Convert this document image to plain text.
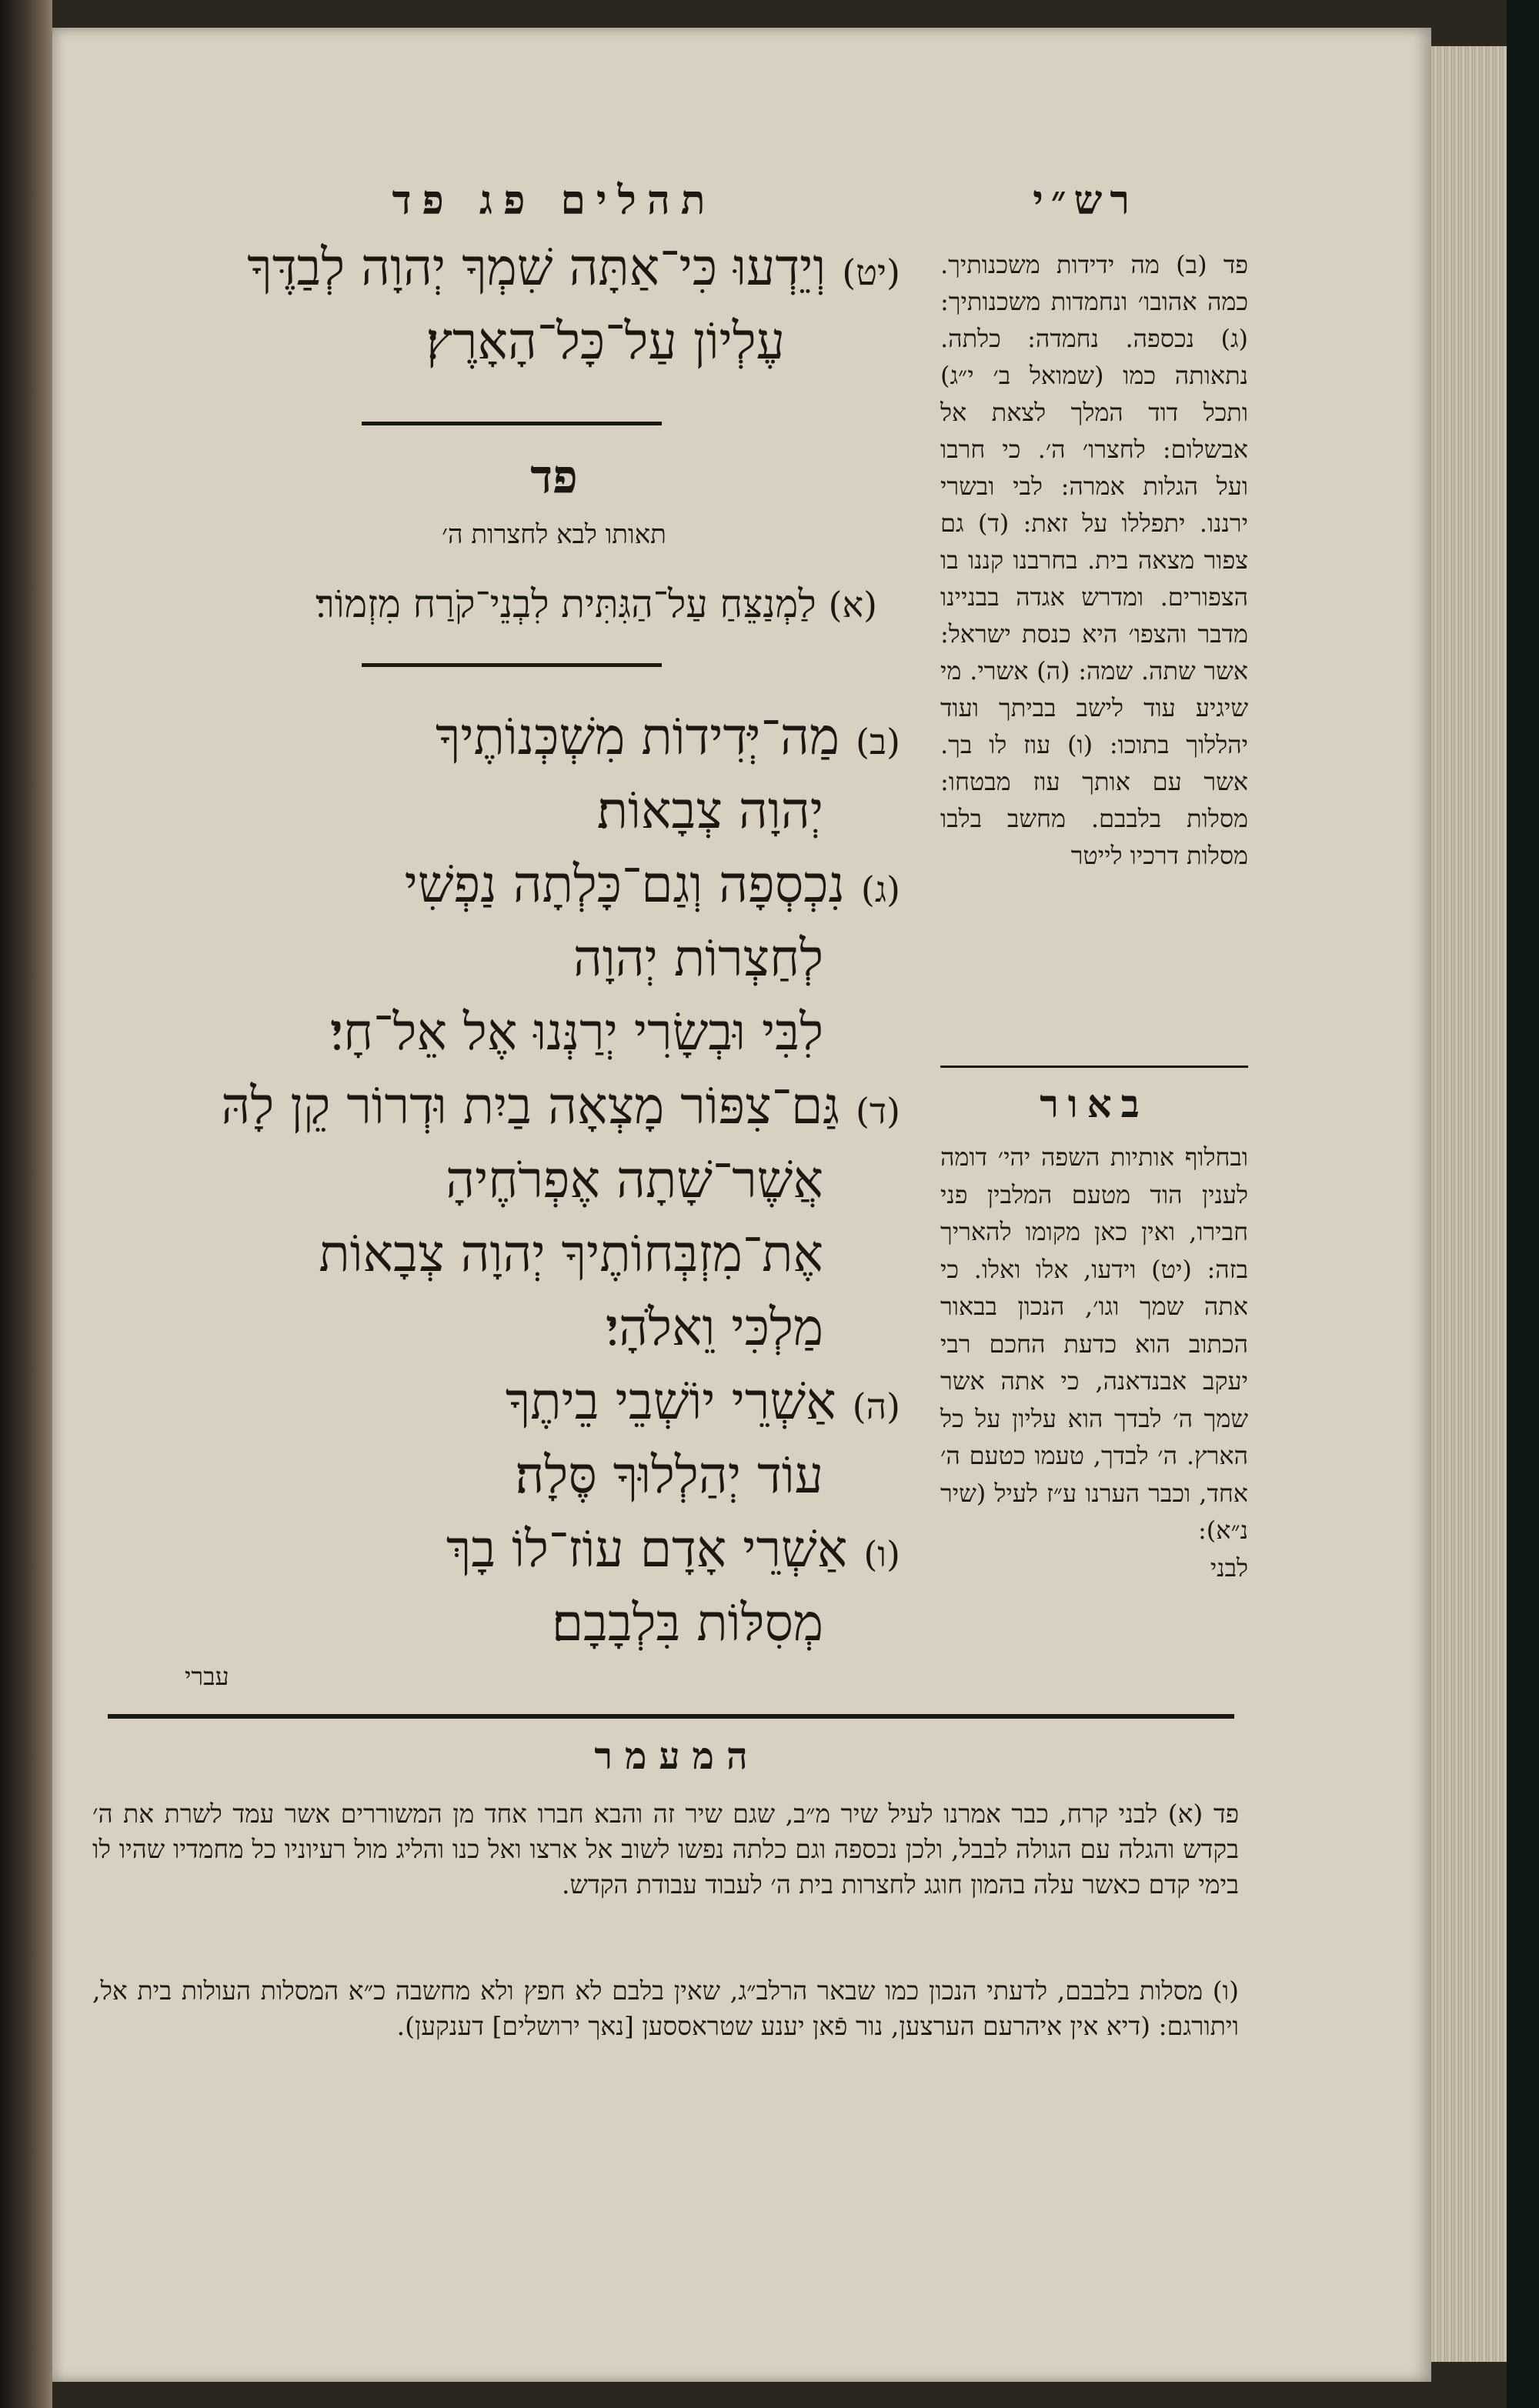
תהלים פג פד	רש״י
(יט) וְיֵדְעוּ כִּי־אַתָּה שִׁמְךָ יְהוָה לְבַדֶּךָ
עֶלְיוֹן עַל־כָּל־הָאָרֶץ׃
פד
תאותו לבא לחצרות ה׳
(א) לַמְנַצֵּחַ עַל־הַגִּתִּית לִבְנֵי־קֹרַח מִזְמוֹר׃
(ב) מַה־יְּדִידוֹת מִשְׁכְּנוֹתֶיךָ
יְהוָה צְבָאוֹת׃
(ג) נִכְסְפָה וְגַם־כָּלְתָה נַפְשִׁי
לְחַצְרוֹת יְהוָה
לִבִּי וּבְשָׂרִי יְרַנְּנוּ אֶל אֵל־חָי׃
(ד) גַּם־צִפּוֹר מָצְאָה בַיִת וּדְרוֹר קֵן לָהּ
אֲשֶׁר־שָׁתָה אֶפְרֹחֶיהָ
אֶת־מִזְבְּחוֹתֶיךָ יְהוָה צְבָאוֹת
מַלְכִּי וֵאלֹהָי׃
(ה) אַשְׁרֵי יוֹשְׁבֵי בֵיתֶךָ
עוֹד יְהַלְלוּךָ סֶּלָה׃
(ו) אַשְׁרֵי אָדָם עוֹז־לוֹ בָךְ
מְסִלּוֹת בִּלְבָבָם׃
עברי
פד (ב) מה ידידות משכנותיך. כמה אהובו׳ ונחמדות משכנותיך: (ג) נכספה. נחמדה: כלתה. נתאותה כמו (שמואל ב׳ י״ג) ותכל דוד המלך לצאת אל אבשלום: לחצרו׳ ה׳. כי חרבו ועל הגלות אמרה: לבי ובשרי ירננו. יתפללו על זאת: (ד) גם צפור מצאה בית. בחרבנו קננו בו הצפורים. ומדרש אגדה בבניינו מדבר והצפו׳ היא כנסת ישראל: אשר שתה. שמה: (ה) אשרי. מי שיגיע עוד לישב בביתך ועוד יהללוך בתוכו: (ו) עוז לו בך. אשר עם אותך עוז מבטחו: מסלות בלבבם. מחשב בלבו מסלות דרכיו לייטר
באור
ובחלוף אותיות השפה יהי׳ דומה לענין הוד מטעם המלבין פני חבירו, ואין כאן מקומו להאריך בזה: (יט) וידעו, אלו ואלו. כי אתה שמך וגו׳, הנכון בבאור הכתוב הוא כדעת החכם רבי יעקב אבנדאנה, כי אתה אשר שמך ה׳ לבדך הוא עליון על כל הארץ. ה׳ לבדך, טעמו כטעם ה׳ אחד, וכבר הערנו ע״ז לעיל (שיר נ״א):
לבני
המעמר
פד (א) לבני קרח, כבר אמרנו לעיל שיר מ״ב, שגם שיר זה והבא חברו אחד מן המשוררים אשר עמד לשרת את ה׳ בקדש והגלה עם הגולה לבבל, ולכן נכספה וגם כלתה נפשו לשוב אל ארצו ואל כנו והליג מול רעיוניו כל מחמדיו שהיו לו בימי קדם כאשר עלה בהמון חוגג לחצרות בית ה׳ לעבוד עבודת הקדש.
(ו) מסלות בלבבם, לדעתי הנכון כמו שבאר הרלב״ג, שאין בלבם לא חפץ ולא מחשבה כ״א המסלות העולות בית אל, ויתורגם: (דיא אין איהרעם הערצען, נור פֿאן יענע שטראססען [נאך ירושלים] דענקען).
